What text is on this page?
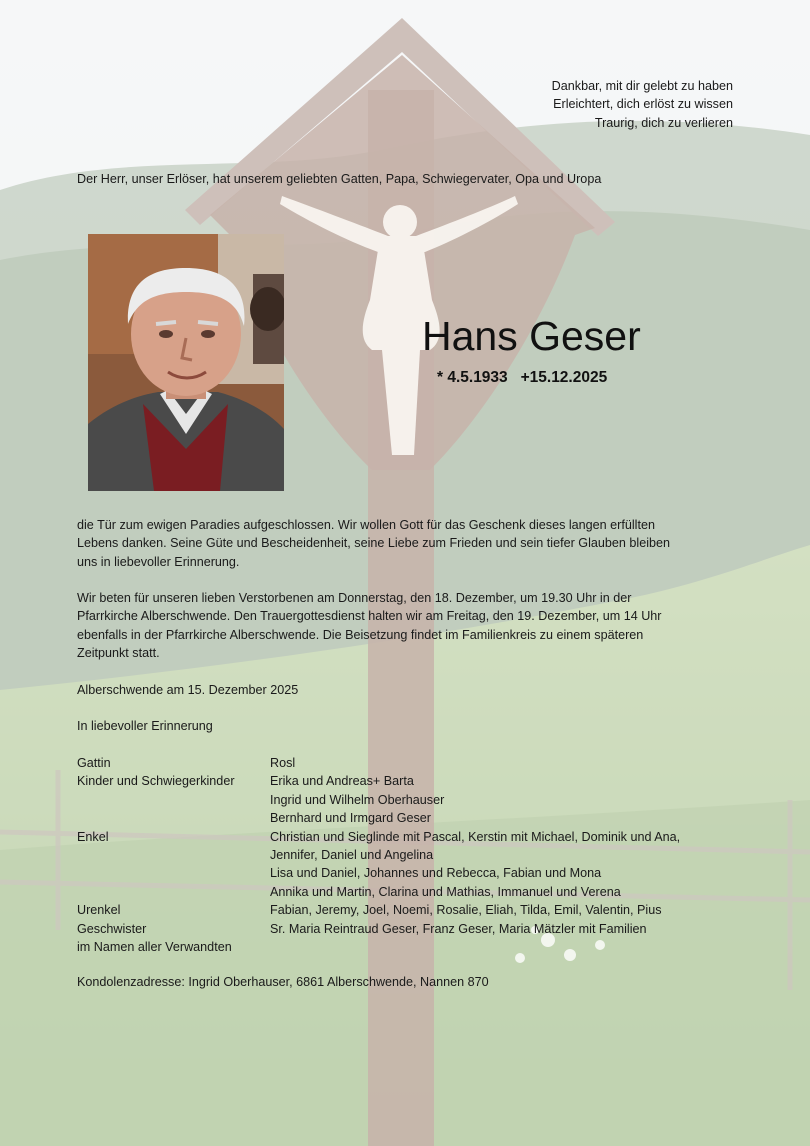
Dankbar, mit dir gelebt zu haben
Erleichtert, dich erlöst zu wissen
Traurig, dich zu verlieren
Der Herr, unser Erlöser, hat unserem geliebten Gatten, Papa, Schwiegervater, Opa und Uropa
Hans Geser
* 4.5.1933   +15.12.2025
die Tür zum ewigen Paradies aufgeschlossen. Wir wollen Gott für das Geschenk dieses langen erfüllten
Lebens danken. Seine Güte und Bescheidenheit, seine Liebe zum Frieden und sein tiefer Glauben bleiben
uns in liebevoller Erinnerung.
Wir beten für unseren lieben Verstorbenen am Donnerstag, den 18. Dezember, um 19.30 Uhr in der
Pfarrkirche Alberschwende. Den Trauergottesdienst halten wir am Freitag, den 19. Dezember, um 14 Uhr
ebenfalls in der Pfarrkirche Alberschwende. Die Beisetzung findet im Familienkreis zu einem späteren
Zeitpunkt statt.
Alberschwende am 15. Dezember 2025
In liebevoller Erinnerung
Gattin	Rosl
Kinder und Schwiegerkinder	Erika und Andreas+ Barta
Ingrid und Wilhelm Oberhauser
Bernhard und Irmgard Geser
Enkel	Christian und Sieglinde mit Pascal, Kerstin mit Michael, Dominik und Ana,
Jennifer, Daniel und Angelina
Lisa und Daniel, Johannes und Rebecca, Fabian und Mona
Annika und Martin, Clarina und Mathias, Immanuel und Verena
Urenkel	Fabian, Jeremy, Joel, Noemi, Rosalie, Eliah, Tilda, Emil, Valentin, Pius
Geschwister	Sr. Maria Reintraud Geser, Franz Geser, Maria Mätzler mit Familien
im Namen aller Verwandten
Kondolenzadresse: Ingrid Oberhauser, 6861 Alberschwende, Nannen 870
